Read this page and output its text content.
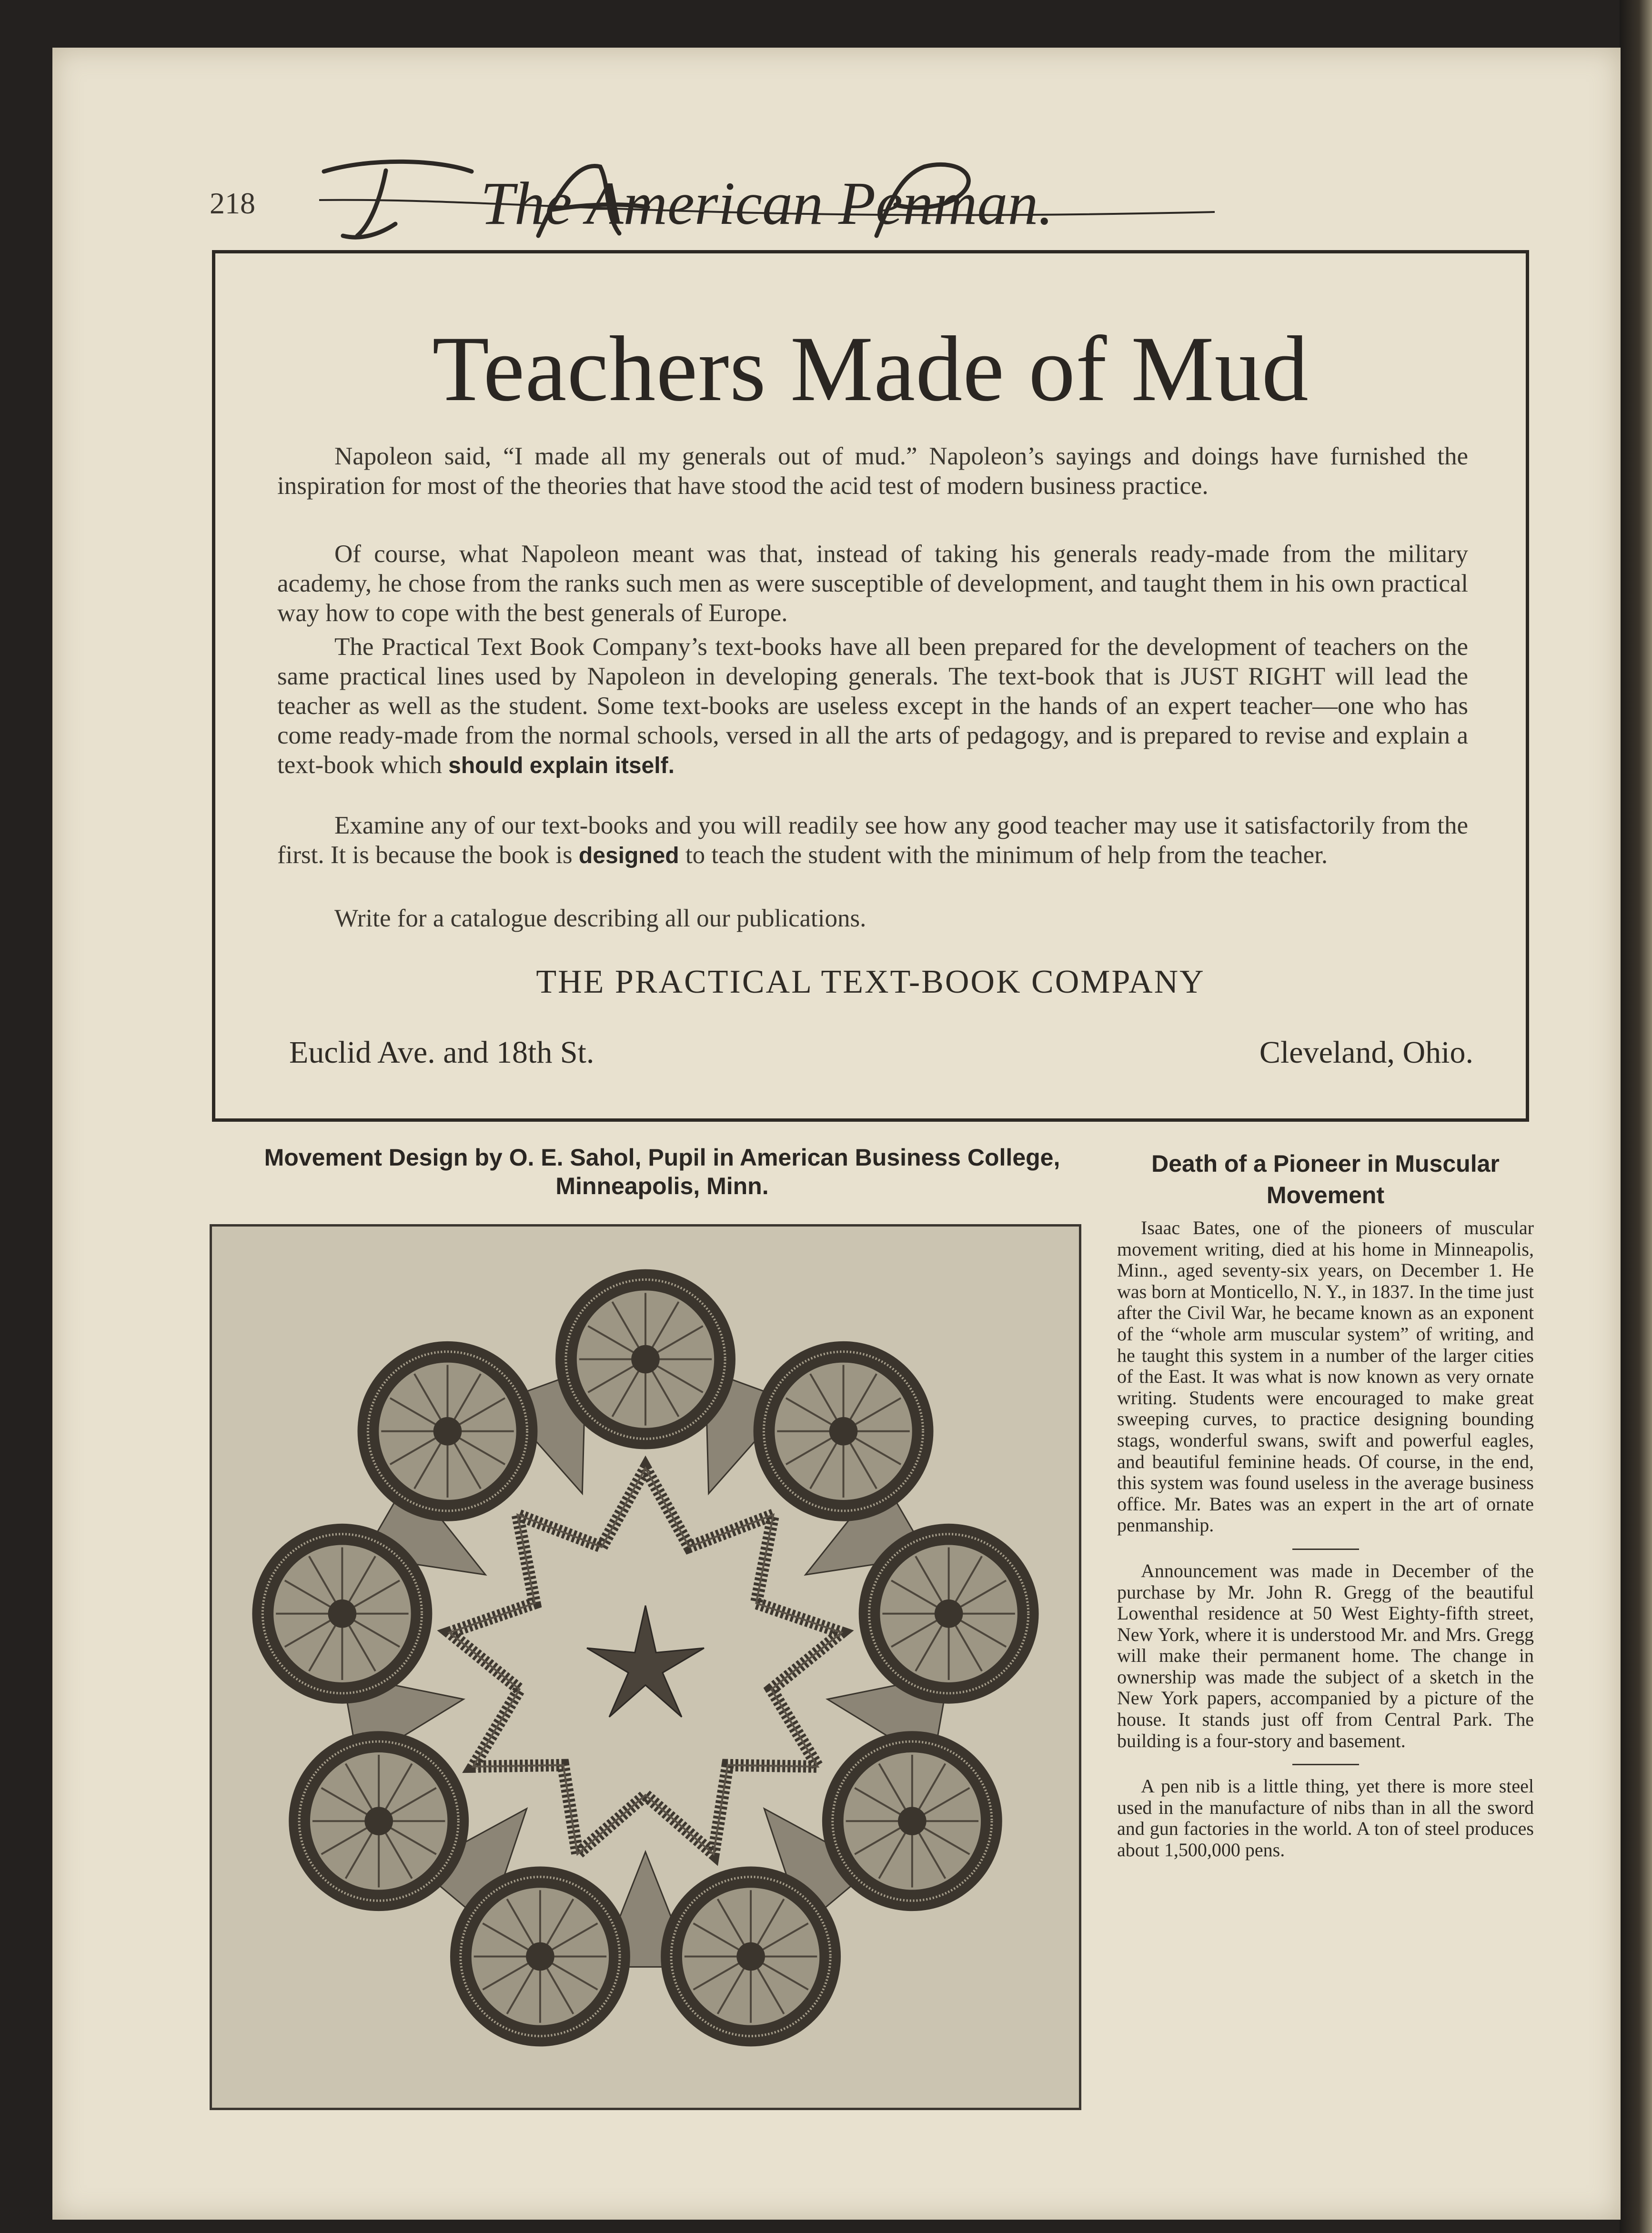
218	The American Penman.
Teachers Made of Mud

Napoleon said, “I made all my generals out of mud.” Napoleon’s sayings and doings have furnished the inspiration for most of the theories that have stood the acid test of modern business practice.

Of course, what Napoleon meant was that, instead of taking his generals ready-made from the military academy, he chose from the ranks such men as were susceptible of development, and taught them in his own practical way how to cope with the best generals of Europe.

The Practical Text Book Company’s text-books have all been prepared for the development of teachers on the same practical lines used by Napoleon in developing generals. The text-book that is JUST RIGHT will lead the teacher as well as the student. Some text-books are useless except in the hands of an expert teacher—one who has come ready-made from the normal schools, versed in all the arts of pedagogy, and is prepared to revise and explain a text-book which should explain itself.

Examine any of our text-books and you will readily see how any good teacher may use it satisfactorily from the first. It is because the book is designed to teach the student with the minimum of help from the teacher.

Write for a catalogue describing all our publications.

THE PRACTICAL TEXT-BOOK COMPANY
Euclid Ave. and 18th St.	Cleveland, Ohio.
Movement Design by O. E. Sahol, Pupil in American Business College,
Minneapolis, Minn.
Death of a Pioneer in Muscular
Movement

Isaac Bates, one of the pioneers of muscular movement writing, died at his home in Minneapolis, Minn., aged seventy-six years, on December 1. He was born at Monticello, N. Y., in 1837. In the time just after the Civil War, he became known as an exponent of the “whole arm muscular system” of writing, and he taught this system in a number of the larger cities of the East. It was what is now known as very ornate writing. Students were encouraged to make great sweeping curves, to practice designing bounding stags, wonderful swans, swift and powerful eagles, and beautiful feminine heads. Of course, in the end, this system was found useless in the average business office. Mr. Bates was an expert in the art of ornate penmanship.

Announcement was made in December of the purchase by Mr. John R. Gregg of the beautiful Lowenthal residence at 50 West Eighty-fifth street, New York, where it is understood Mr. and Mrs. Gregg will make their permanent home. The change in ownership was made the subject of a sketch in the New York papers, accompanied by a picture of the house. It stands just off from Central Park. The building is a four-story and basement.

A pen nib is a little thing, yet there is more steel used in the manufacture of nibs than in all the sword and gun factories in the world. A ton of steel produces about 1,500,000 pens.
